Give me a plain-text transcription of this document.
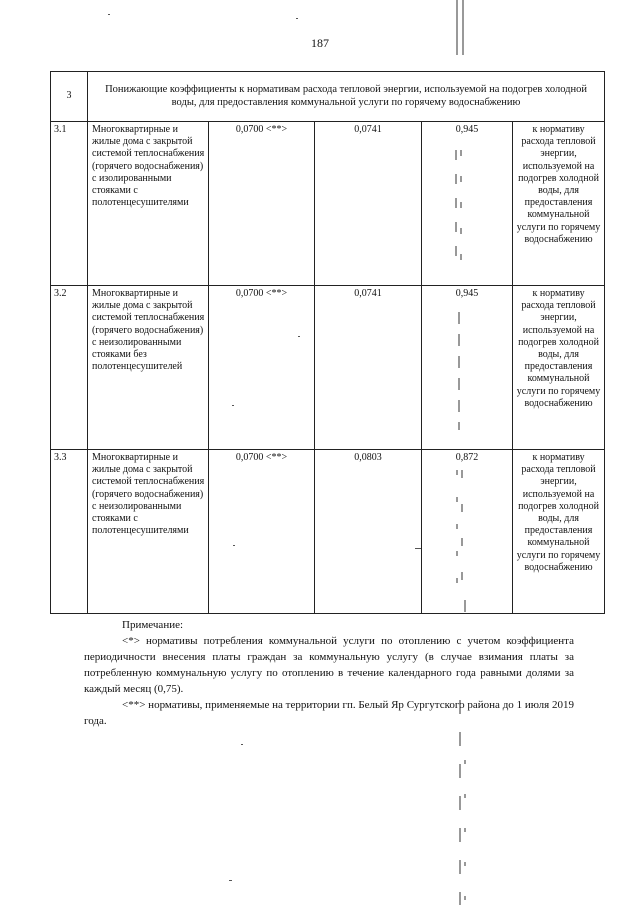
187
3	Понижающие коэффициенты к нормативам расхода тепловой энергии, используемой на подогрев холодной воды, для предоставления коммунальной услуги по горячему водоснабжению				
3.1	Многоквартирные и жилые дома с закрытой системой теплоснабжения (горячего водоснабжения) с изолированными стояками с полотенцесушителями	0,0700 <**>	0,0741	0,945	к нормативу расхода тепловой энергии, используемой на подогрев холодной воды, для предоставления коммунальной услуги по горячему водоснабжению
3.2	Многоквартирные и жилые дома с закрытой системой теплоснабжения (горячего водоснабжения) с неизолированными стояками без полотенцесушителей	0,0700 <**>	0,0741	0,945	к нормативу расхода тепловой энергии, используемой на подогрев холодной воды, для предоставления коммунальной услуги по горячему водоснабжению
3.3	Многоквартирные и жилые дома с закрытой системой теплоснабжения (горячего водоснабжения) с неизолированными стояками с полотенцесушителями	0,0700 <**>	0,0803	0,872	к нормативу расхода тепловой энергии, используемой на подогрев холодной воды, для предоставления коммунальной услуги по горячему водоснабжению

Примечание:

<*> нормативы потребления коммунальной услуги по отоплению с учетом коэффициента периодичности внесения платы граждан за коммунальную услугу (в случае взимания платы за потребленную коммунальную услугу по отоплению в течение календарного года равными долями за каждый месяц (0,75).

<**> нормативы, применяемые на территории гп. Белый Яр Сургутского района до 1 июля 2019 года.
